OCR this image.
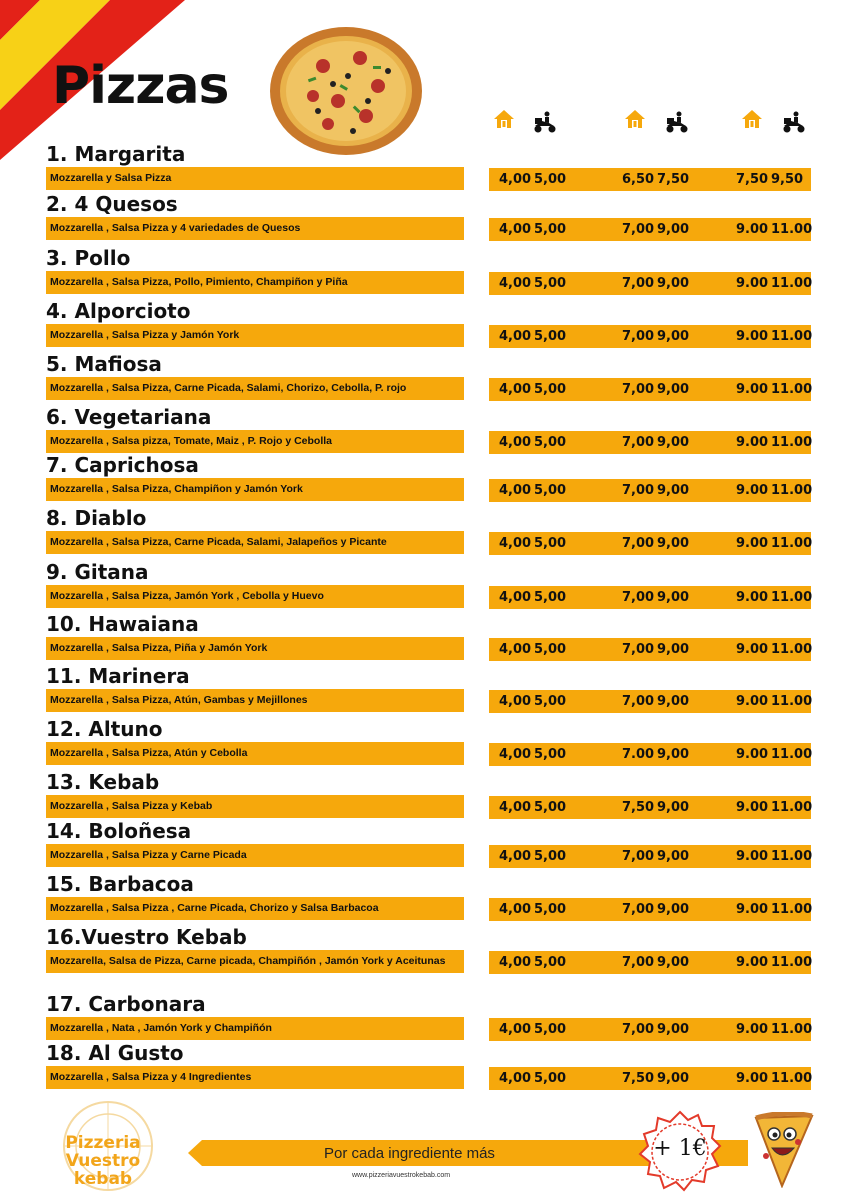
Pizzas
1. Margarita
Mozzarella y Salsa Pizza	4,00 5,00	6,50 7,50	7,50 9,50
2. 4 Quesos
Mozzarella , Salsa Pizza y 4 variedades de Quesos	4,00 5,00	7,00 9,00	9.00 11.00
3. Pollo
Mozzarella , Salsa Pizza, Pollo, Pimiento, Champiñon y Piña	4,00 5,00	7,00 9,00	9.00 11.00
4. Alporcioto
Mozzarella , Salsa Pizza y Jamón York	4,00 5,00	7,00 9,00	9.00 11.00
5. Mafiosa
Mozzarella , Salsa Pizza, Carne Picada, Salami, Chorizo, Cebolla, P. rojo	4,00 5,00	7,00 9,00	9.00 11.00
6. Vegetariana
Mozzarella , Salsa pizza, Tomate, Maiz , P. Rojo y Cebolla	4,00 5,00	7,00 9,00	9.00 11.00
7. Caprichosa
Mozzarella , Salsa Pizza, Champiñon y Jamón York	4,00 5,00	7,00 9,00	9.00 11.00
8. Diablo
Mozzarella , Salsa Pizza, Carne Picada, Salami, Jalapeños y Picante	4,00 5,00	7,00 9,00	9.00 11.00
9. Gitana
Mozzarella , Salsa Pizza, Jamón York , Cebolla y Huevo	4,00 5,00	7,00 9,00	9.00 11.00
10. Hawaiana
Mozzarella , Salsa Pizza, Piña y Jamón York	4,00 5,00	7,00 9,00	9.00 11.00
11. Marinera
Mozzarella , Salsa Pizza, Atún, Gambas y Mejillones	4,00 5,00	7,00 9,00	9.00 11.00
12. Altuno
Mozzarella , Salsa Pizza, Atún y Cebolla	4,00 5,00	7.00 9,00	9.00 11.00
13. Kebab
Mozzarella , Salsa Pizza y Kebab	4,00 5,00	7,50 9,00	9.00 11.00
14. Boloñesa
Mozzarella , Salsa Pizza y Carne Picada	4,00 5,00	7,00 9,00	9.00 11.00
15. Barbacoa
Mozzarella , Salsa Pizza , Carne Picada, Chorizo y Salsa Barbacoa	4,00 5,00	7,00 9,00	9.00 11.00
16.Vuestro Kebab
Mozzarella, Salsa de Pizza, Carne picada, Champiñón , Jamón York y Aceitunas	4,00 5,00	7,00 9,00	9.00 11.00
17. Carbonara
Mozzarella , Nata , Jamón York y Champiñón	4,00 5,00	7,00 9,00	9.00 11.00
18. Al Gusto
Mozzarella , Salsa Pizza y 4 Ingredientes	4,00 5,00	7,50 9,00	9.00 11.00
Pizzeria Vuestro
kebab
Por cada ingrediente más
www.pizzeriavuestrokebab.com
+ 1€
